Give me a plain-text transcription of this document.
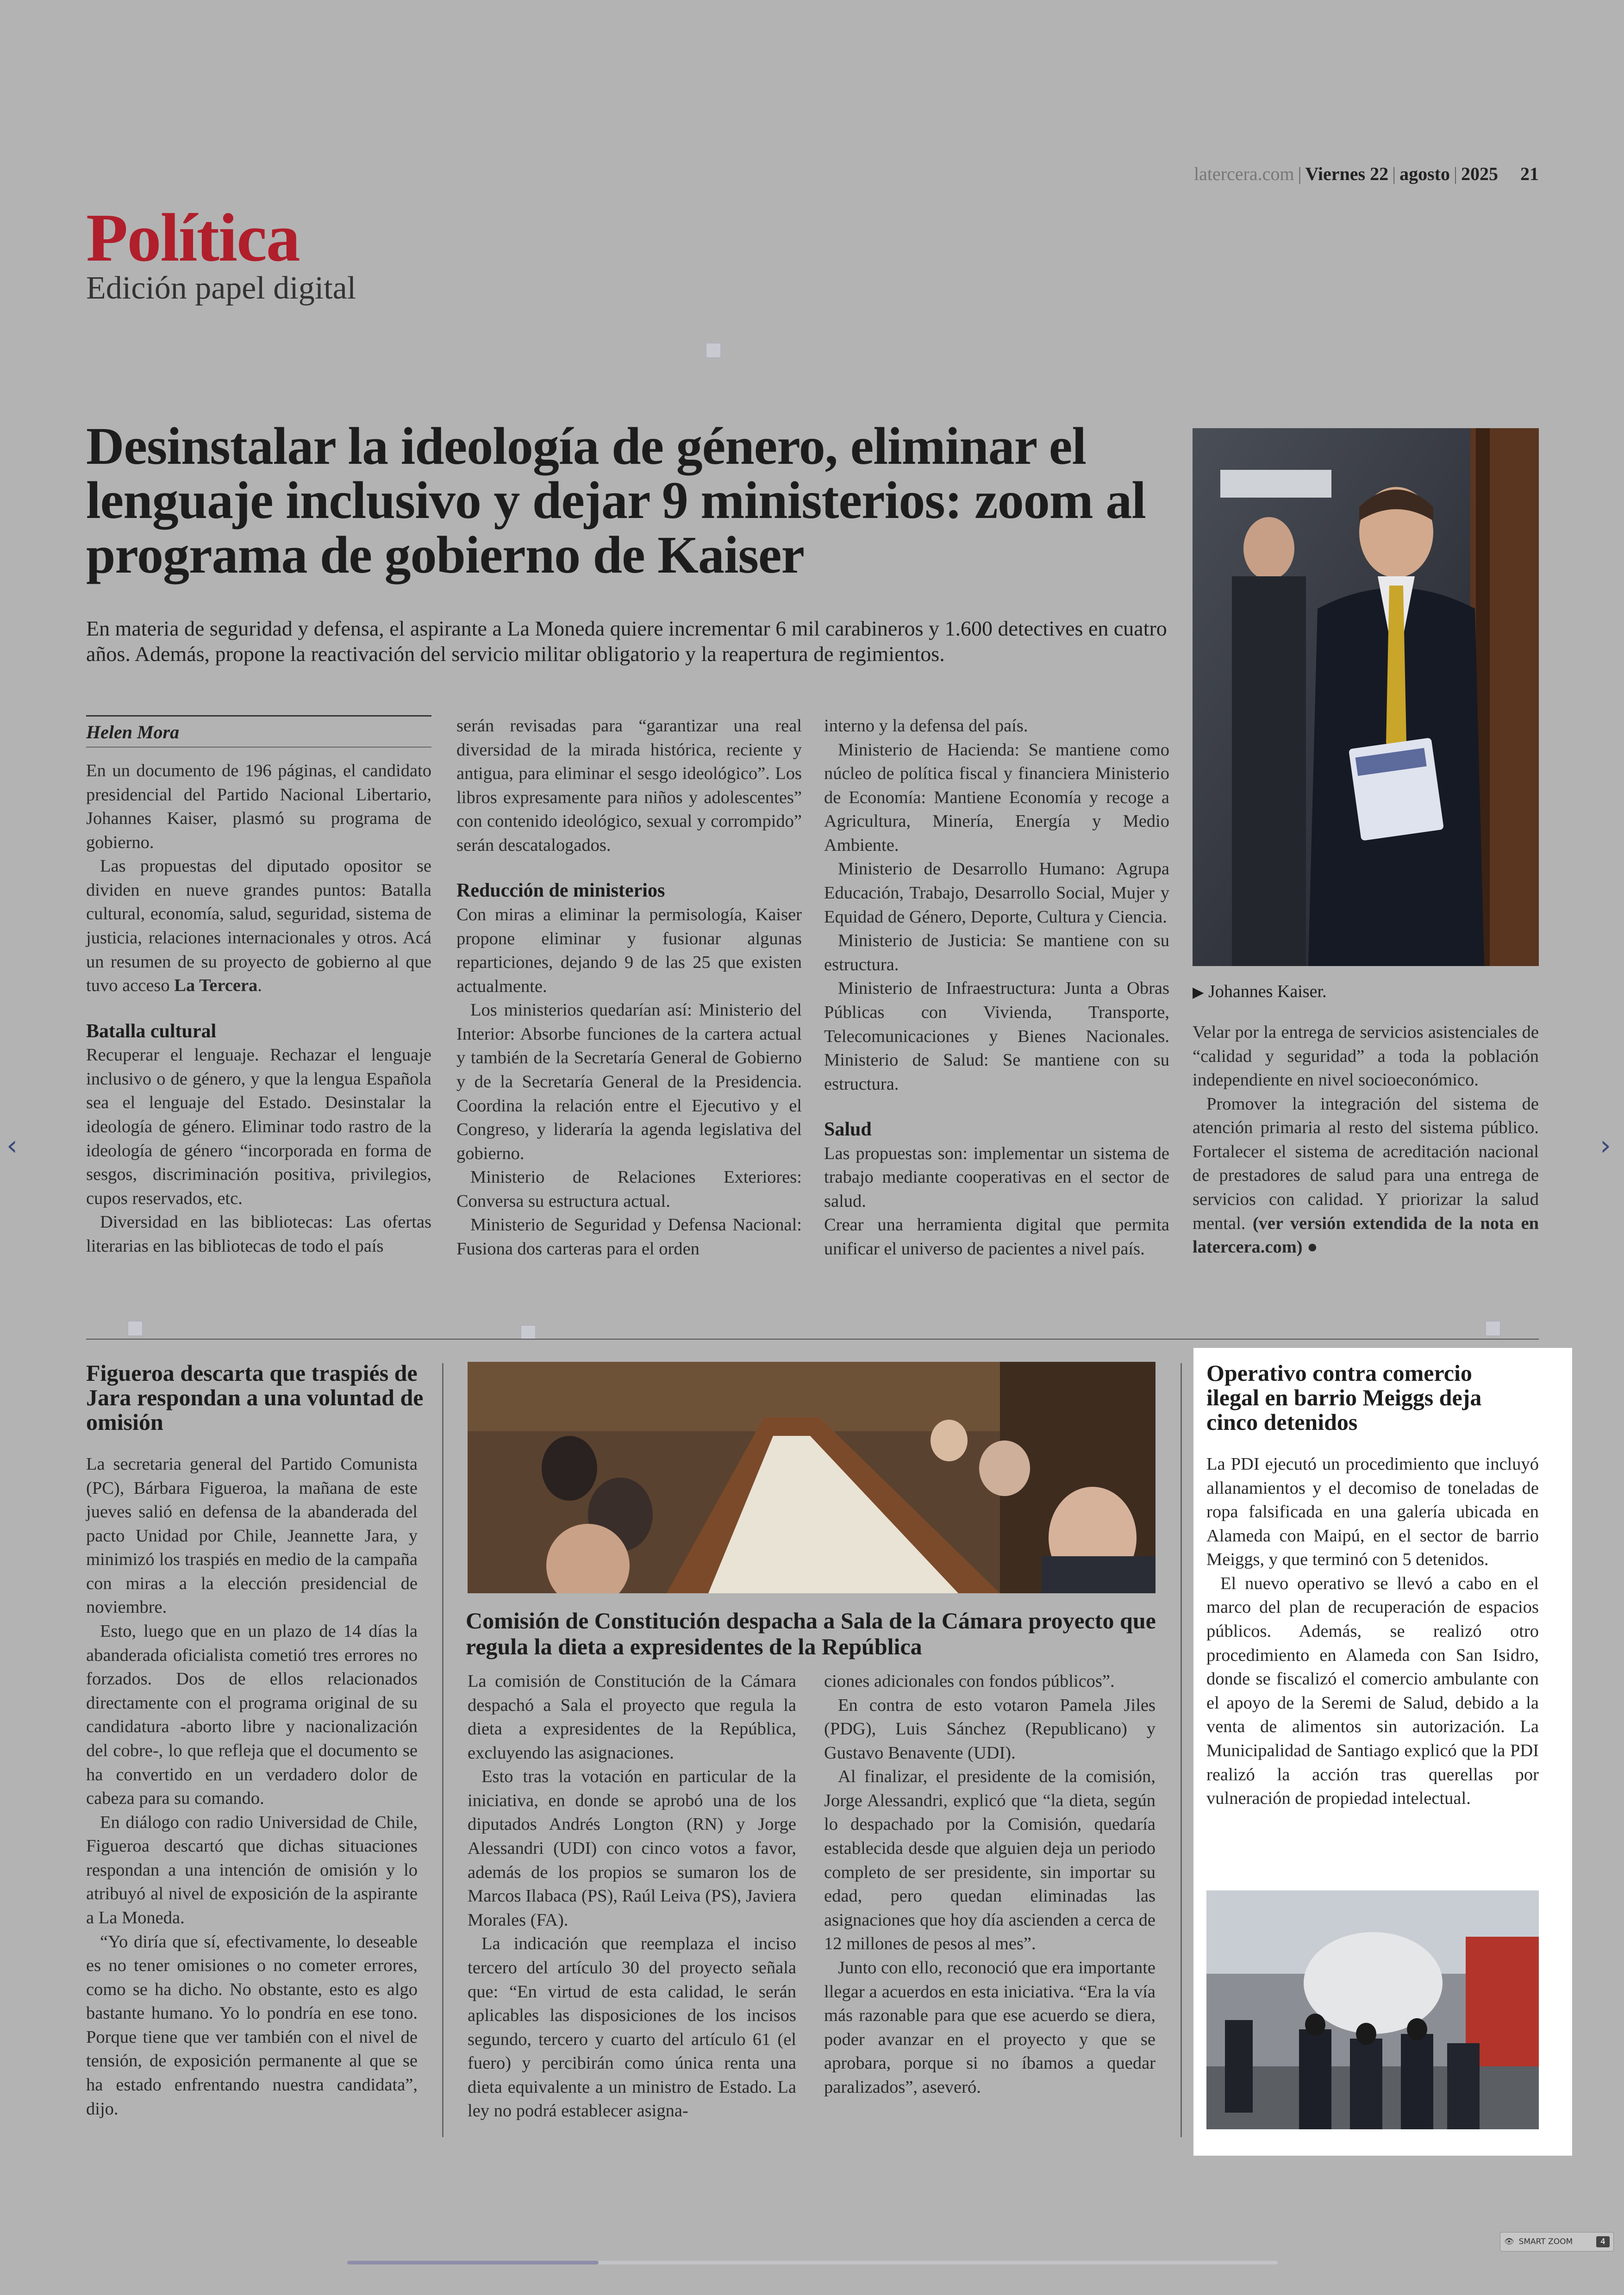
latercera.com | Viernes 22 | agosto | 2025 21
Política
Edición papel digital
Desinstalar la ideología de género, eliminar el lenguaje inclusivo y dejar 9 ministerios: zoom al programa de gobierno de Kaiser

En materia de seguridad y defensa, el aspirante a La Moneda quiere incrementar 6 mil carabineros y 1.600 detectives en cuatro años. Además, propone la reactivación del servicio militar obligatorio y la reapertura de regimientos.

Helen Mora

En un documento de 196 páginas, el candidato presidencial del Partido Nacional Libertario, Johannes Kaiser, plasmó su programa de gobierno.

Las propuestas del diputado opositor se dividen en nueve grandes puntos: Batalla cultural, economía, salud, seguridad, sistema de justicia, relaciones internacionales y otros. Acá un resumen de su proyecto de gobierno al que tuvo acceso La Tercera.

Batalla cultural

Recuperar el lenguaje. Rechazar el lenguaje inclusivo o de género, y que la lengua Española sea el lenguaje del Estado. Desinstalar la ideología de género. Eliminar todo rastro de la ideología de género “incorporada en forma de sesgos, discriminación positiva, privilegios, cupos reservados, etc.

Diversidad en las bibliotecas: Las ofertas literarias en las bibliotecas de todo el país

serán revisadas para “garantizar una real diversidad de la mirada histórica, reciente y antigua, para eliminar el sesgo ideológico”. Los libros expresamente para niños y adolescentes” con contenido ideológico, sexual y corrompido” serán descatalogados.

Reducción de ministerios

Con miras a eliminar la permisología, Kaiser propone eliminar y fusionar algunas reparticiones, dejando 9 de las 25 que existen actualmente.

Los ministerios quedarían así: Ministerio del Interior: Absorbe funciones de la cartera actual y también de la Secretaría General de Gobierno y de la Secretaría General de la Presidencia. Coordina la relación entre el Ejecutivo y el Congreso, y lideraría la agenda legislativa del gobierno.

Ministerio de Relaciones Exteriores: Conversa su estructura actual.

Ministerio de Seguridad y Defensa Nacional: Fusiona dos carteras para el orden

interno y la defensa del país.

Ministerio de Hacienda: Se mantiene como núcleo de política fiscal y financiera Ministerio de Economía: Mantiene Economía y recoge a Agricultura, Minería, Energía y Medio Ambiente.

Ministerio de Desarrollo Humano: Agrupa Educación, Trabajo, Desarrollo Social, Mujer y Equidad de Género, Deporte, Cultura y Ciencia.

Ministerio de Justicia: Se mantiene con su estructura.

Ministerio de Infraestructura: Junta a Obras Públicas con Vivienda, Transporte, Telecomunicaciones y Bienes Nacionales. Ministerio de Salud: Se mantiene con su estructura.

Salud

Las propuestas son: implementar un sistema de trabajo mediante cooperativas en el sector de salud.

Crear una herramienta digital que permita unificar el universo de pacientes a nivel país.

▶ Johannes Kaiser.

Velar por la entrega de servicios asistenciales de “calidad y seguridad” a toda la población independiente en nivel socioeconómico.

Promover la integración del sistema de atención primaria al resto del sistema público. Fortalecer el sistema de acreditación nacional de prestadores de salud para una entrega de servicios con calidad. Y priorizar la salud mental. (ver versión extendida de la nota en latercera.com) ●

Figueroa descarta que traspiés de Jara respondan a una voluntad de omisión

La secretaria general del Partido Comunista (PC), Bárbara Figueroa, la mañana de este jueves salió en defensa de la abanderada del pacto Unidad por Chile, Jeannette Jara, y minimizó los traspiés en medio de la campaña con miras a la elección presidencial de noviembre.

Esto, luego que en un plazo de 14 días la abanderada oficialista cometió tres errores no forzados. Dos de ellos relacionados directamente con el programa original de su candidatura -aborto libre y nacionalización del cobre-, lo que refleja que el documento se ha convertido en un verdadero dolor de cabeza para su comando.

En diálogo con radio Universidad de Chile, Figueroa descartó que dichas situaciones respondan a una intención de omisión y lo atribuyó al nivel de exposición de la aspirante a La Moneda.

“Yo diría que sí, efectivamente, lo deseable es no tener omisiones o no cometer errores, como se ha dicho. No obstante, esto es algo bastante humano. Yo lo pondría en ese tono. Porque tiene que ver también con el nivel de tensión, de exposición permanente al que se ha estado enfrentando nuestra candidata”, dijo.

Comisión de Constitución despacha a Sala de la Cámara proyecto que regula la dieta a expresidentes de la República

La comisión de Constitución de la Cámara despachó a Sala el proyecto que regula la dieta a expresidentes de la República, excluyendo las asignaciones.

Esto tras la votación en particular de la iniciativa, en donde se aprobó una de los diputados Andrés Longton (RN) y Jorge Alessandri (UDI) con cinco votos a favor, además de los propios se sumaron los de Marcos Ilabaca (PS), Raúl Leiva (PS), Javiera Morales (FA).

La indicación que reemplaza el inciso tercero del artículo 30 del proyecto señala que: “En virtud de esta calidad, le serán aplicables las disposiciones de los incisos segundo, tercero y cuarto del artículo 61 (el fuero) y percibirán como única renta una dieta equivalente a un ministro de Estado. La ley no podrá establecer asigna-

ciones adicionales con fondos públicos”.

En contra de esto votaron Pamela Jiles (PDG), Luis Sánchez (Republicano) y Gustavo Benavente (UDI).

Al finalizar, el presidente de la comisión, Jorge Alessandri, explicó que “la dieta, según lo despachado por la Comisión, quedaría establecida desde que alguien deja un periodo completo de ser presidente, sin importar su edad, pero quedan eliminadas las asignaciones que hoy día ascienden a cerca de 12 millones de pesos al mes”.

Junto con ello, reconoció que era importante llegar a acuerdos en esta iniciativa. “Era la vía más razonable para que ese acuerdo se diera, poder avanzar en el proyecto y que se aprobara, porque si no íbamos a quedar paralizados”, aseveró.

Operativo contra comercio ilegal en barrio Meiggs deja cinco detenidos

La PDI ejecutó un procedimiento que incluyó allanamientos y el decomiso de toneladas de ropa falsificada en una galería ubicada en Alameda con Maipú, en el sector de barrio Meiggs, y que terminó con 5 detenidos.

El nuevo operativo se llevó a cabo en el marco del plan de recuperación de espacios públicos. Además, se realizó otro procedimiento en Alameda con San Isidro, donde se fiscalizó el comercio ambulante con el apoyo de la Seremi de Salud, debido a la venta de alimentos sin autorización. La Municipalidad de Santiago explicó que la PDI realizó la acción tras querellas por vulneración de propiedad intelectual.

‹	›
👁 SMART ZOOM	4
